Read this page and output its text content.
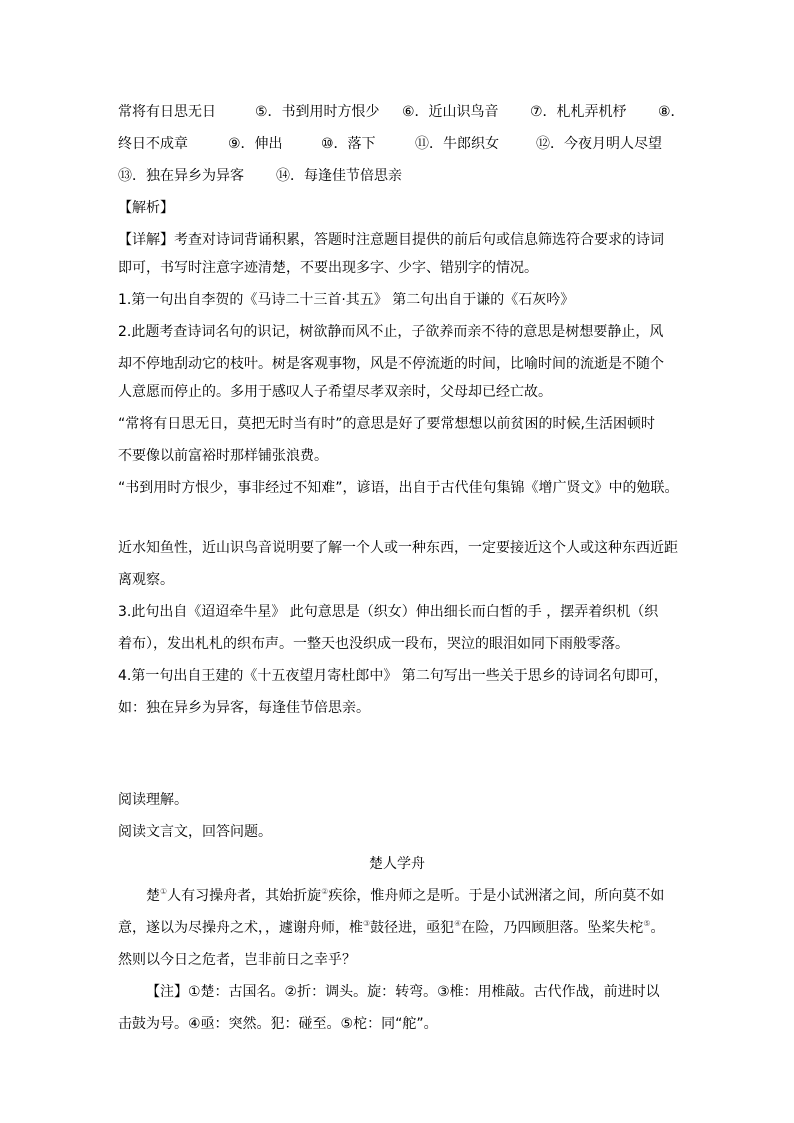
常将有日思无日	⑤．书到用时方恨少 ⑥．近山识鸟音 ⑦．札札弄机杼 ⑧．
终日不成章	⑨．伸出	⑩．落下	⑪．牛郎织女	⑫．今夜月明人尽望
⑬．独在异乡为异客 ⑭．每逢佳节倍思亲
【解析】
【详解】考查对诗词背诵积累，答题时注意题目提供的前后句或信息筛选符合要求的诗词
即可，书写时注意字迹清楚，不要出现多字、少字、错别字的情况。
1.第一句出自李贺的《马诗二十三首·其五》 第二句出自于谦的《石灰吟》
2.此题考查诗词名句的识记，树欲静而风不止，子欲养而亲不待的意思是树想要静止，风
却不停地刮动它的枝叶。树是客观事物，风是不停流逝的时间，比喻时间的流逝是不随个
人意愿而停止的。多用于感叹人子希望尽孝双亲时，父母却已经亡故。
“常将有日思无日，莫把无时当有时”的意思是好了要常想想以前贫困的时候,生活困顿时
不要像以前富裕时那样铺张浪费。
“书到用时方恨少，事非经过不知难”，谚语，出自于古代佳句集锦《增广贤文》中的勉联。
近水知鱼性，近山识鸟音说明要了解一个人或一种东西，一定要接近这个人或这种东西近距
离观察。
3.此句出自《迢迢牵牛星》 此句意思是（织女）伸出细长而白皙的手 ，摆弄着织机（织
着布），发出札札的织布声。一整天也没织成一段布，哭泣的眼泪如同下雨般零落。
4.第一句出自王建的《十五夜望月寄杜郎中》 第二句写出一些关于思乡的诗词名句即可，
如：独在异乡为异客，每逢佳节倍思亲。
阅读理解。
阅读文言文，回答问题。
楚人学舟
楚①人有习操舟者，其始折旋②疾徐，惟舟师之是听。于是小试洲渚之间，所向莫不如
意，遂以为尽操舟之术，，遽谢舟师，椎③鼓径进，亟犯④在险，乃四顾胆落。坠桨失柁⑤。
然则以今日之危者，岂非前日之幸乎？
【注】①楚：古国名。②折：调头。旋：转弯。③椎：用椎敲。古代作战，前进时以
击鼓为号。④亟：突然。犯：碰至。⑤柁：同“舵”。
